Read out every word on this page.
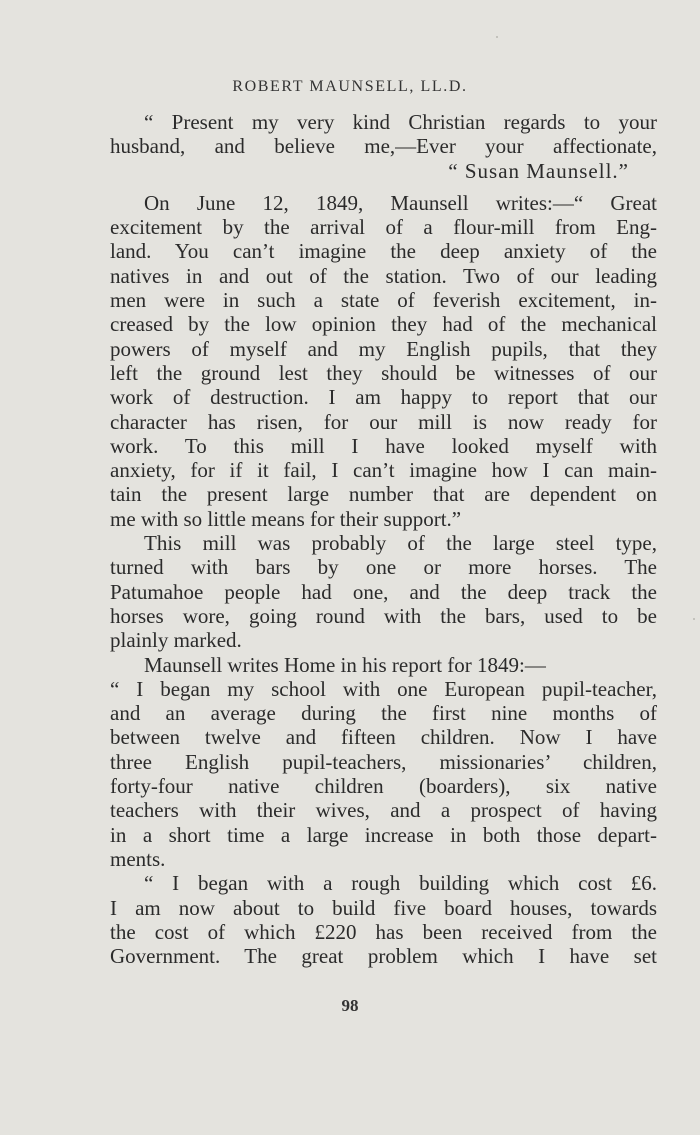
ROBERT MAUNSELL, LL.D.
“ Present my very kind Christian regards to your
husband, and believe me,—Ever your affectionate,
“ Susan Maunsell.”
On June 12, 1849, Maunsell writes:—“ Great
excitement by the arrival of a flour-mill from Eng-
land. You can’t imagine the deep anxiety of the
natives in and out of the station. Two of our leading
men were in such a state of feverish excitement, in-
creased by the low opinion they had of the mechanical
powers of myself and my English pupils, that they
left the ground lest they should be witnesses of our
work of destruction. I am happy to report that our
character has risen, for our mill is now ready for
work. To this mill I have looked myself with
anxiety, for if it fail, I can’t imagine how I can main-
tain the present large number that are dependent on
me with so little means for their support.”
This mill was probably of the large steel type,
turned with bars by one or more horses. The
Patumahoe people had one, and the deep track the
horses wore, going round with the bars, used to be
plainly marked.
Maunsell writes Home in his report for 1849:—
“ I began my school with one European pupil-teacher,
and an average during the first nine months of
between twelve and fifteen children. Now I have
three English pupil-teachers, missionaries’ children,
forty-four native children (boarders), six native
teachers with their wives, and a prospect of having
in a short time a large increase in both those depart-
ments.
“ I began with a rough building which cost £6.
I am now about to build five board houses, towards
the cost of which £220 has been received from the
Government. The great problem which I have set
98
